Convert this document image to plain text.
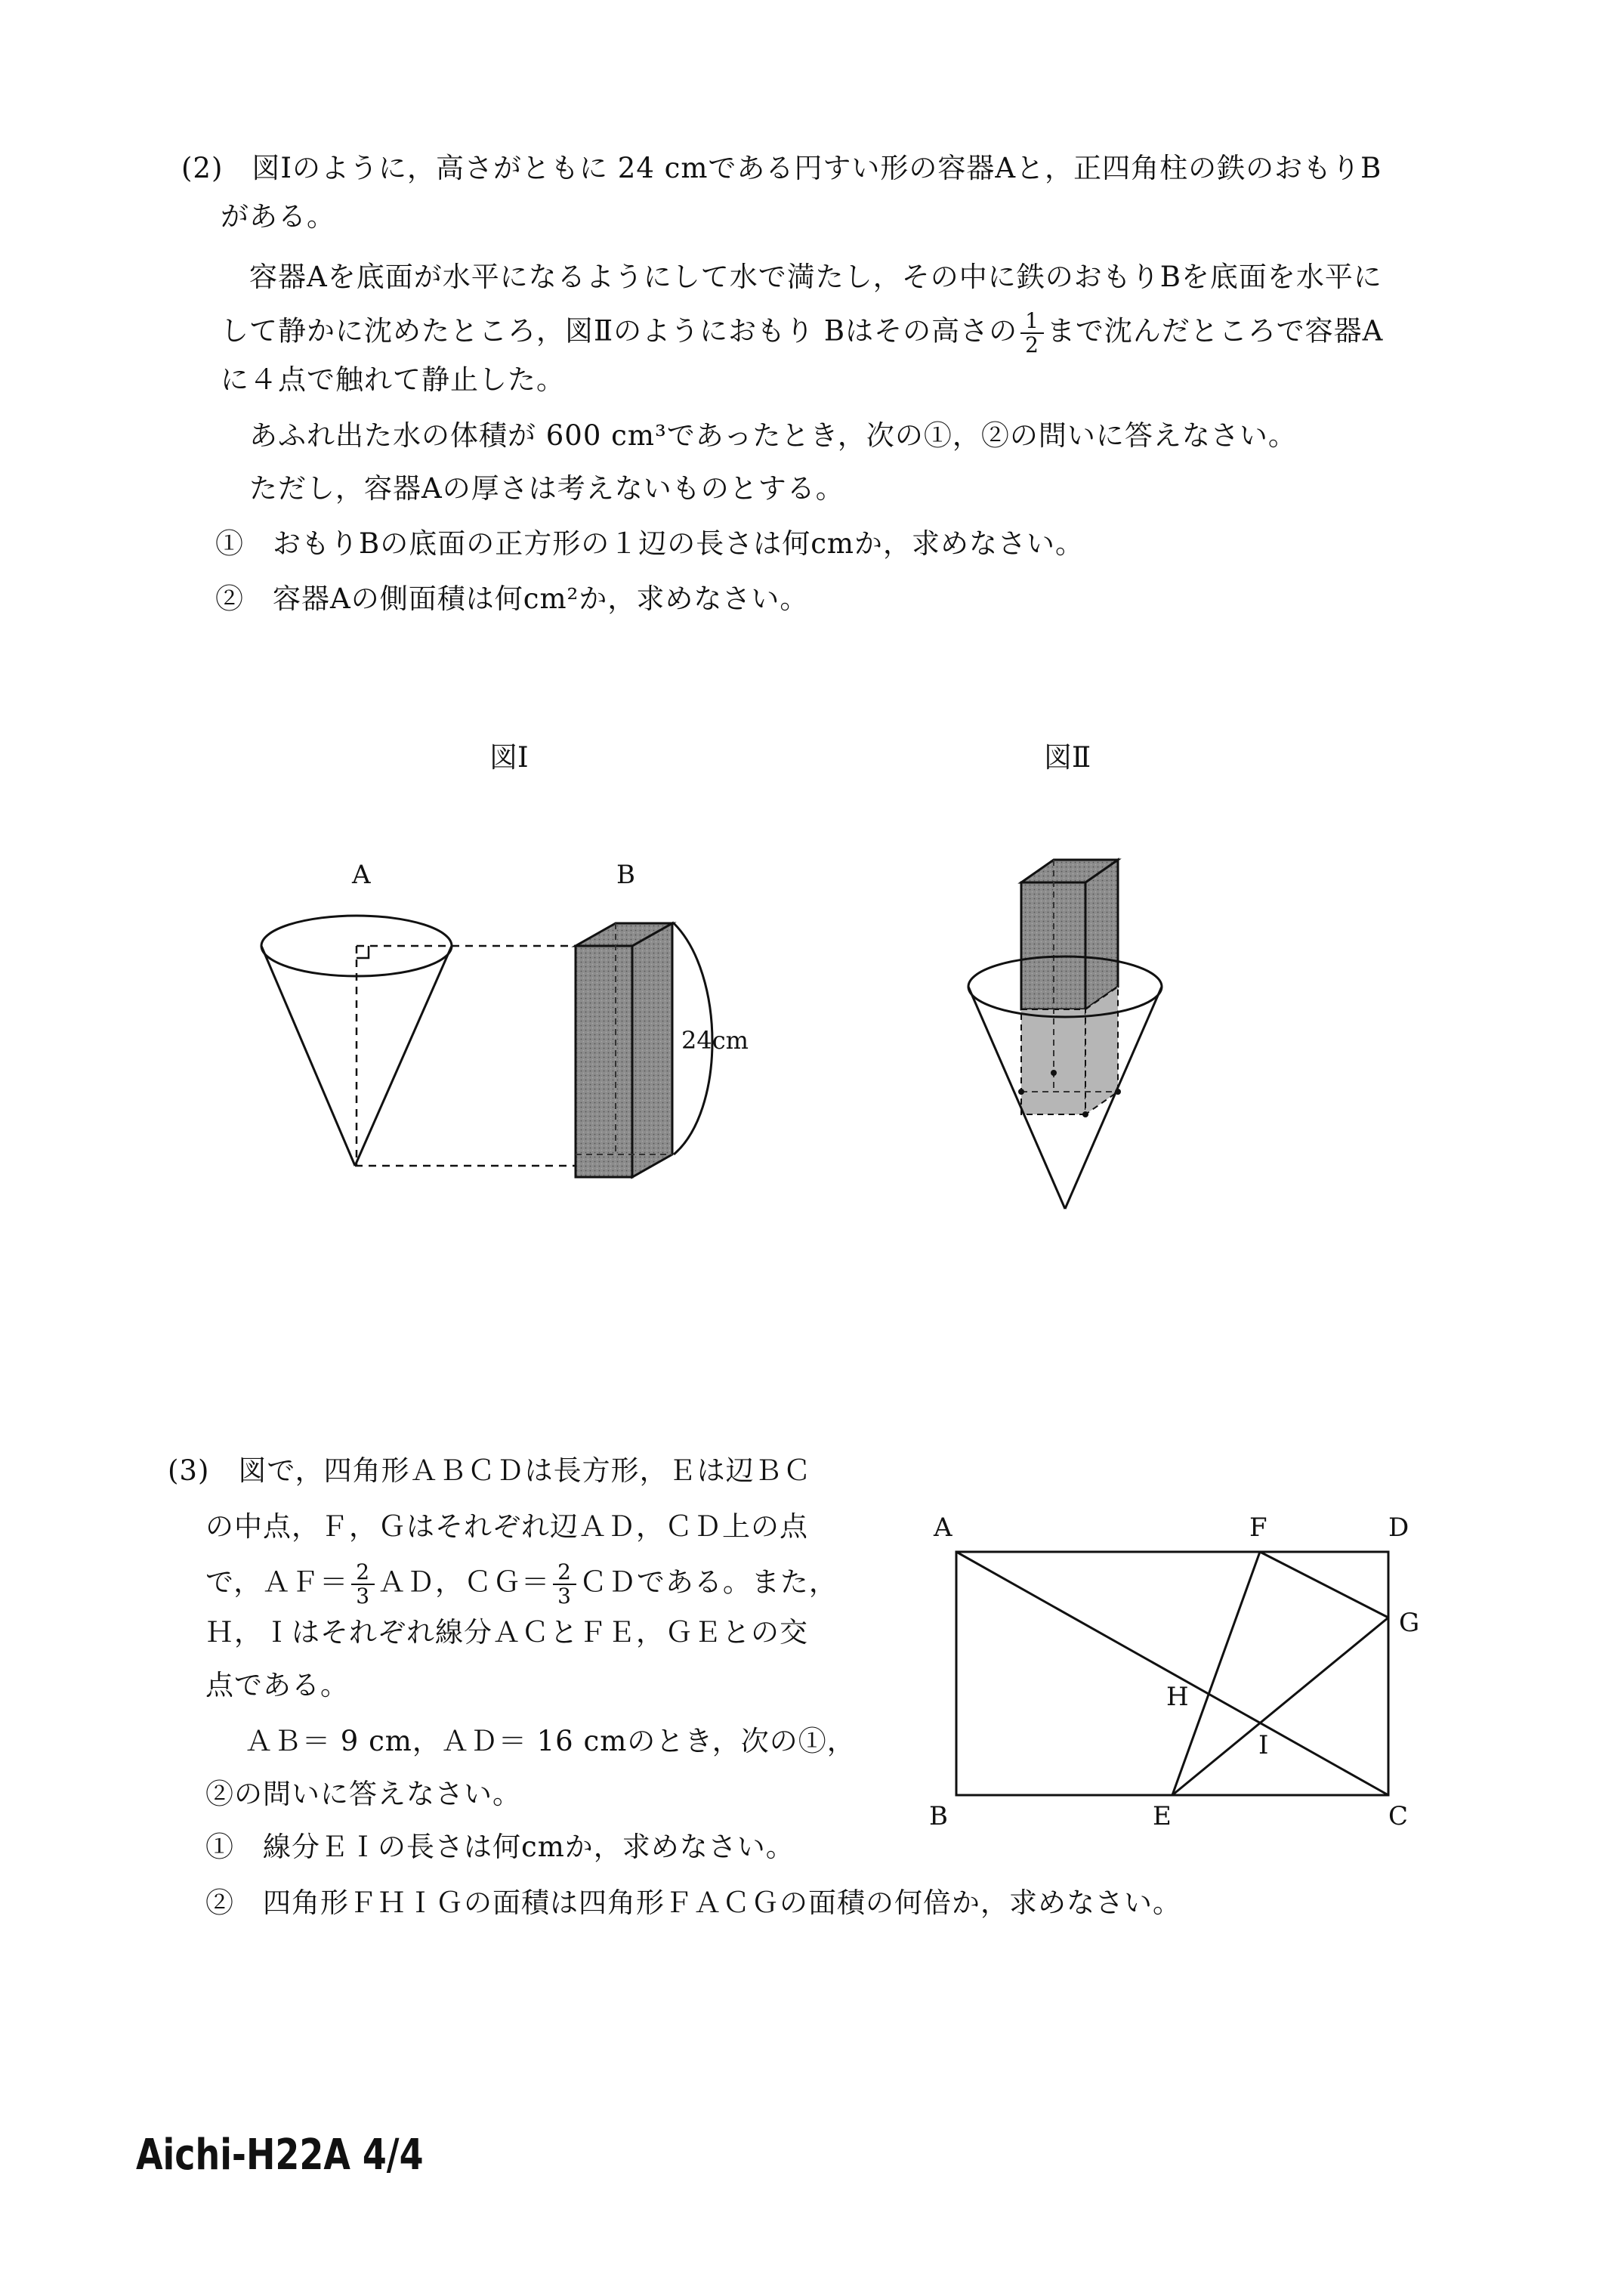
(2)　図Ⅰのように，高さがともに 24 cmである円すい形の容器Aと，正四角柱の鉄のおもりB
がある。
容器Aを底面が水平になるようにして水で満たし，その中に鉄のおもりBを底面を水平に
して静かに沈めたところ，図Ⅱのようにおもり Bはその高さの $\frac{1}{2}$ まで沈んだところで容器A
に４点で触れて静止した。
あふれ出た水の体積が 600 cm³であったとき，次の①，②の問いに答えなさい。
ただし，容器Aの厚さは考えないものとする。
①　おもりBの底面の正方形の１辺の長さは何cmか，求めなさい。
②　容器Aの側面積は何cm²か，求めなさい。
図Ⅰ
A	B
24cm
図Ⅱ
(3)　図で，四角形ＡＢＣＤは長方形，Ｅは辺ＢＣ
の中点，Ｆ，Ｇはそれぞれ辺ＡＤ，ＣＤ上の点
で，ＡＦ＝ $\frac{2}{3}$ ＡＤ，ＣＧ＝ $\frac{2}{3}$ ＣＤである。また，
Ｈ，Ｉはそれぞれ線分ＡＣとＦＥ，ＧＥとの交
点である。
ＡＢ＝ 9 cm，ＡＤ＝ 16 cmのとき，次の①，
②の問いに答えなさい。
①　線分ＥＩの長さは何cmか，求めなさい。
②　四角形ＦＨＩＧの面積は四角形ＦＡＣＧの面積の何倍か，求めなさい。
A	F	D
G
H
I
B	E	C
Aichi-H22A 4/4
